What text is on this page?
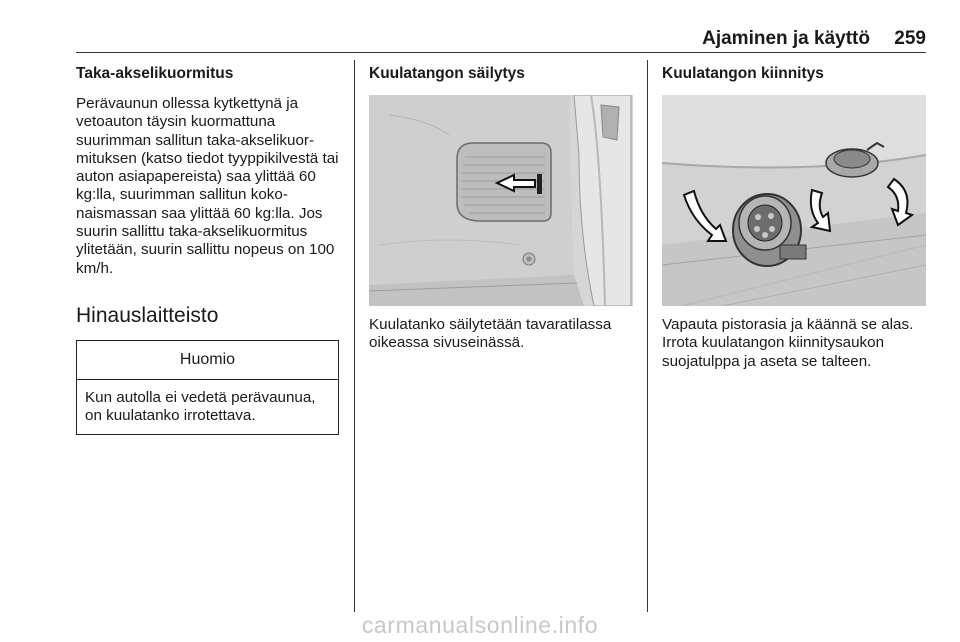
Ajaminen ja käyttö	259
Taka-akselikuormitus

Perävaunun ollessa kytkettynä ja vetoauton täysin kuormattuna suurimman sallitun taka-akselikuormituksen (katso tiedot tyyppikilvestä tai auton asiapapereista) saa ylittää 60 kg:lla, suurimman sallitun kokonaismassan saa ylittää 60 kg:lla. Jos suurin sallittu taka-akselikuormitus ylitetään, suurin sallittu nopeus on 100 km/h.

Hinauslaitteisto
Huomio
Kun autolla ei vedetä perävaunua, on kuulatanko irrotettava.
Kuulatangon säilytys

Kuulatanko säilytetään tavaratilassa oikeassa sivuseinässä.

Kuulatangon kiinnitys

Vapauta pistorasia ja käännä se alas. Irrota kuulatangon kiinnitysaukon suojatulppa ja aseta se talteen.

carmanualsonline.info
